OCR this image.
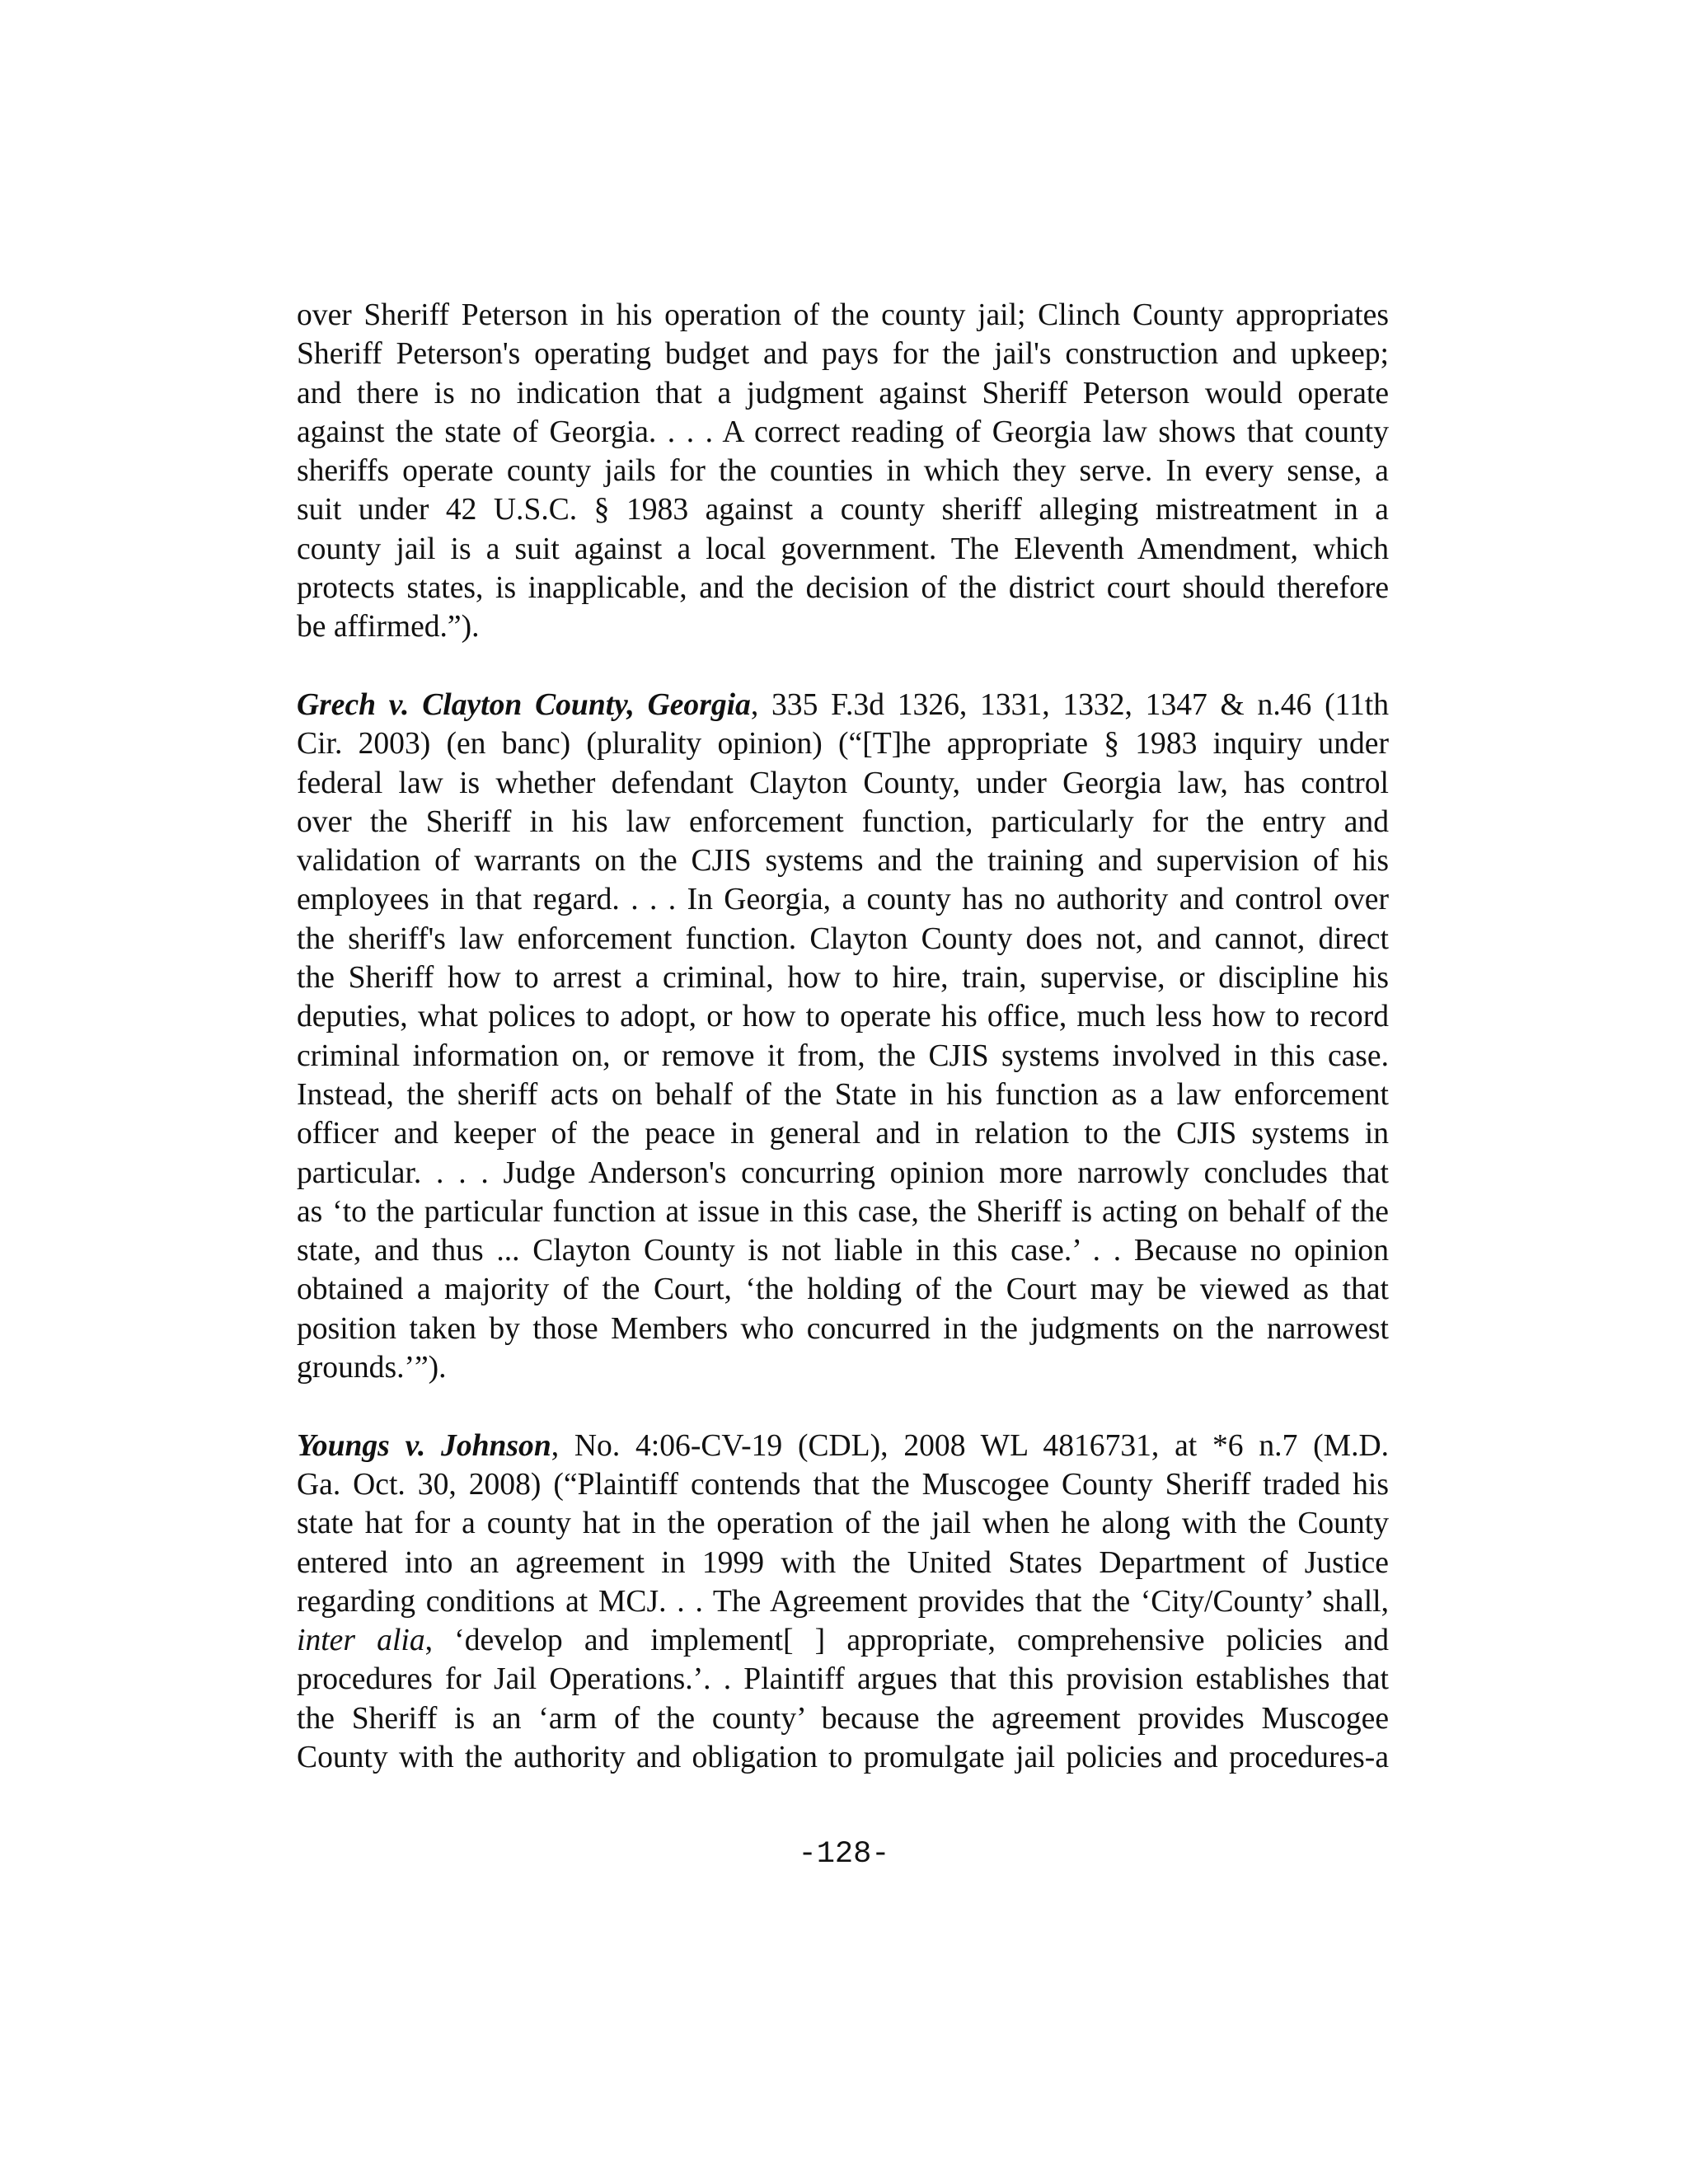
over Sheriff Peterson in his operation of the county jail; Clinch County appropriates
Sheriff Peterson's operating budget and pays for the jail's construction and upkeep;
and there is no indication that a judgment against Sheriff Peterson would operate
against the state of Georgia. . . . A correct reading of Georgia law shows that county
sheriffs operate county jails for the counties in which they serve. In every sense, a
suit under 42 U.S.C. § 1983 against a county sheriff alleging mistreatment in a
county jail is a suit against a local government. The Eleventh Amendment, which
protects states, is inapplicable, and the decision of the district court should therefore
be affirmed.”).

Grech v. Clayton County, Georgia, 335 F.3d 1326, 1331, 1332, 1347 & n.46 (11th
Cir. 2003) (en banc) (plurality opinion) (“[T]he appropriate § 1983 inquiry under
federal law is whether defendant Clayton County, under Georgia law, has control
over the Sheriff in his law enforcement function, particularly for the entry and
validation of warrants on the CJIS systems and the training and supervision of his
employees in that regard. . . . In Georgia, a county has no authority and control over
the sheriff's law enforcement function. Clayton County does not, and cannot, direct
the Sheriff how to arrest a criminal, how to hire, train, supervise, or discipline his
deputies, what polices to adopt, or how to operate his office, much less how to record
criminal information on, or remove it from, the CJIS systems involved in this case.
Instead, the sheriff acts on behalf of the State in his function as a law enforcement
officer and keeper of the peace in general and in relation to the CJIS systems in
particular. . . . Judge Anderson's concurring opinion more narrowly concludes that
as ‘to the particular function at issue in this case, the Sheriff is acting on behalf of the
state, and thus ... Clayton County is not liable in this case.’ . . Because no opinion
obtained a majority of the Court, ‘the holding of the Court may be viewed as that
position taken by those Members who concurred in the judgments on the narrowest
grounds.’”).

Youngs v. Johnson, No. 4:06-CV-19 (CDL), 2008 WL 4816731, at *6 n.7 (M.D.
Ga. Oct. 30, 2008) (“Plaintiff contends that the Muscogee County Sheriff traded his
state hat for a county hat in the operation of the jail when he along with the County
entered into an agreement in 1999 with the United States Department of Justice
regarding conditions at MCJ. . . The Agreement provides that the ‘City/County’ shall,
inter alia, ‘develop and implement[ ] appropriate, comprehensive policies and
procedures for Jail Operations.’. . Plaintiff argues that this provision establishes that
the Sheriff is an ‘arm of the county’ because the agreement provides Muscogee
County with the authority and obligation to promulgate jail policies and procedures-a

-128-
